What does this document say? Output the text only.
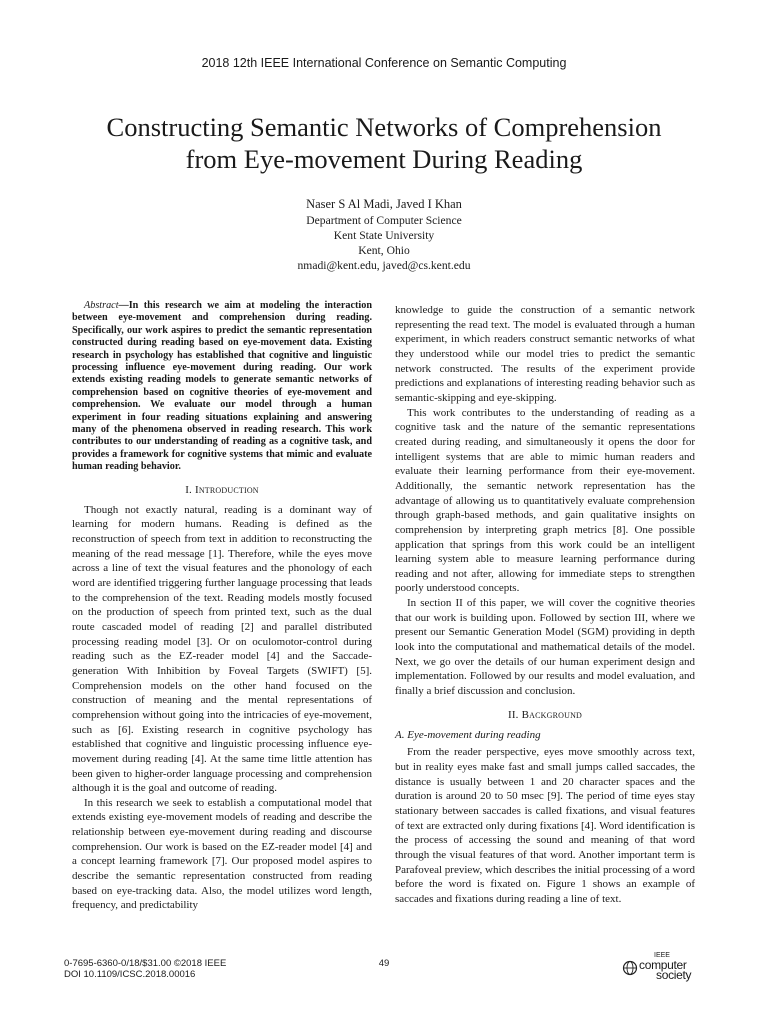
2018 12th IEEE International Conference on Semantic Computing
Constructing Semantic Networks of Comprehension
from Eye-movement During Reading
Naser S Al Madi, Javed I Khan
Department of Computer Science
Kent State University
Kent, Ohio
nmadi@kent.edu, javed@cs.kent.edu

Abstract—In this research we aim at modeling the interaction between eye-movement and comprehension during reading. Specifically, our work aspires to predict the semantic representation constructed during reading based on eye-movement data. Existing research in psychology has established that cognitive and linguistic processing influence eye-movement during reading. Our work extends existing reading models to generate semantic networks of comprehension based on cognitive theories of eye-movement and comprehension. We evaluate our model through a human experiment in four reading situations explaining and answering many of the phenomena observed in reading research. This work contributes to our understanding of reading as a cognitive task, and provides a framework for cognitive systems that mimic and evaluate human reading behavior.

I. Introduction

Though not exactly natural, reading is a dominant way of learning for modern humans. Reading is defined as the reconstruction of speech from text in addition to reconstructing the meaning of the read message [1]. Therefore, while the eyes move across a line of text the visual features and the phonology of each word are identified triggering further language processing that leads to the comprehension of the text. Reading models mostly focused on the production of speech from printed text, such as the dual route cascaded model of reading [2] and parallel distributed processing reading model [3]. Or on oculomotor-control during reading such as the EZ-reader model [4] and the Saccade-generation With Inhibition by Foveal Targets (SWIFT) [5]. Comprehension models on the other hand focused on the construction of meaning and the mental representations of comprehension without going into the intricacies of eye-movement, such as [6]. Existing research in cognitive psychology has established that cognitive and linguistic processing influence eye-movement during reading [4]. At the same time little attention has been given to higher-order language processing and comprehension although it is the goal and outcome of reading.

In this research we seek to establish a computational model that extends existing eye-movement models of reading and describe the relationship between eye-movement during reading and discourse comprehension. Our work is based on the EZ-reader model [4] and a concept learning framework [7]. Our proposed model aspires to describe the semantic representation constructed from reading based on eye-tracking data. Also, the model utilizes word length, frequency, and predictability

knowledge to guide the construction of a semantic network representing the read text. The model is evaluated through a human experiment, in which readers construct semantic networks of what they understood while our model tries to predict the semantic network constructed. The results of the experiment provide predictions and explanations of interesting reading behavior such as semantic-skipping and eye-skipping.

This work contributes to the understanding of reading as a cognitive task and the nature of the semantic representations created during reading, and simultaneously it opens the door for intelligent systems that are able to mimic human readers and evaluate their learning performance from their eye-movement. Additionally, the semantic network representation has the advantage of allowing us to quantitatively evaluate comprehension through graph-based methods, and gain qualitative insights on comprehension by interpreting graph metrics [8]. One possible application that springs from this work could be an intelligent learning system able to measure learning performance during reading and not after, allowing for immediate steps to strengthen poorly understood concepts.

In section II of this paper, we will cover the cognitive theories that our work is building upon. Followed by section III, where we present our Semantic Generation Model (SGM) providing in depth look into the computational and mathematical details of the model. Next, we go over the details of our human experiment design and implementation. Followed by our results and model evaluation, and finally a brief discussion and conclusion.

II. Background
A. Eye-movement during reading

From the reader perspective, eyes move smoothly across text, but in reality eyes make fast and small jumps called saccades, the distance is usually between 1 and 20 character spaces and the duration is around 20 to 50 msec [9]. The period of time eyes stay stationary between saccades is called fixations, and visual features of text are extracted only during fixations [4]. Word identification is the process of accessing the sound and meaning of that word through the visual features of that word. Another important term is Parafoveal preview, which describes the initial processing of a word before the word is fixated on. Figure 1 shows an example of saccades and fixations during reading a line of text.

0-7695-6360-0/18/$31.00 ©2018 IEEE
DOI 10.1109/ICSC.2018.00016
49
IEEE
computer
society
